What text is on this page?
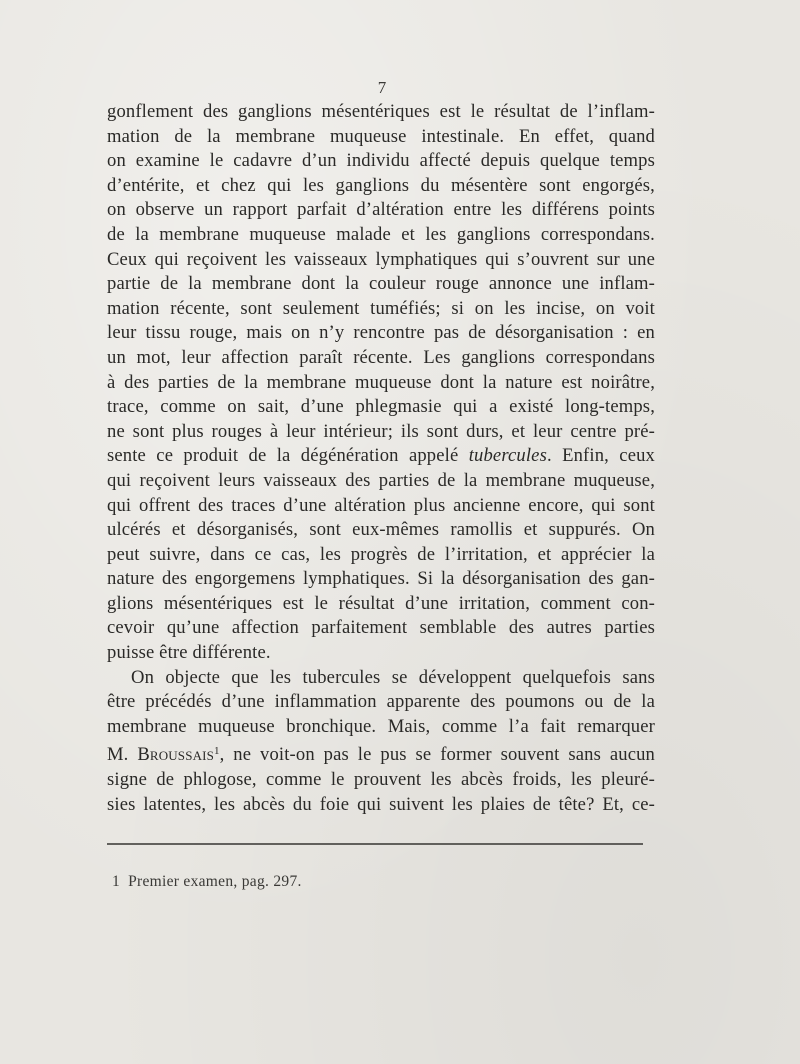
7

gonflement des ganglions mésentériques est le résultat de l’inflam-
mation de la membrane muqueuse intestinale. En effet, quand
on examine le cadavre d’un individu affecté depuis quelque temps
d’entérite, et chez qui les ganglions du mésentère sont engorgés,
on observe un rapport parfait d’altération entre les différens points
de la membrane muqueuse malade et les ganglions correspondans.
Ceux qui reçoivent les vaisseaux lymphatiques qui s’ouvrent sur une
partie de la membrane dont la couleur rouge annonce une inflam-
mation récente, sont seulement tuméfiés; si on les incise, on voit
leur tissu rouge, mais on n’y rencontre pas de désorganisation : en
un mot, leur affection paraît récente. Les ganglions correspondans
à des parties de la membrane muqueuse dont la nature est noirâtre,
trace, comme on sait, d’une phlegmasie qui a existé long-temps,
ne sont plus rouges à leur intérieur; ils sont durs, et leur centre pré-
sente ce produit de la dégénération appelé tubercules. Enfin, ceux
qui reçoivent leurs vaisseaux des parties de la membrane muqueuse,
qui offrent des traces d’une altération plus ancienne encore, qui sont
ulcérés et désorganisés, sont eux-mêmes ramollis et suppurés. On
peut suivre, dans ce cas, les progrès de l’irritation, et apprécier la
nature des engorgemens lymphatiques. Si la désorganisation des gan-
glions mésentériques est le résultat d’une irritation, comment con-
cevoir qu’une affection parfaitement semblable des autres parties
puisse être différente.

On objecte que les tubercules se développent quelquefois sans
être précédés d’une inflammation apparente des poumons ou de la
membrane muqueuse bronchique. Mais, comme l’a fait remarquer
M. Broussais$^1$, ne voit-on pas le pus se former souvent sans aucun
signe de phlogose, comme le prouvent les abcès froids, les pleuré-
sies latentes, les abcès du foie qui suivent les plaies de tête? Et, ce-

1 Premier examen, pag. 297.
